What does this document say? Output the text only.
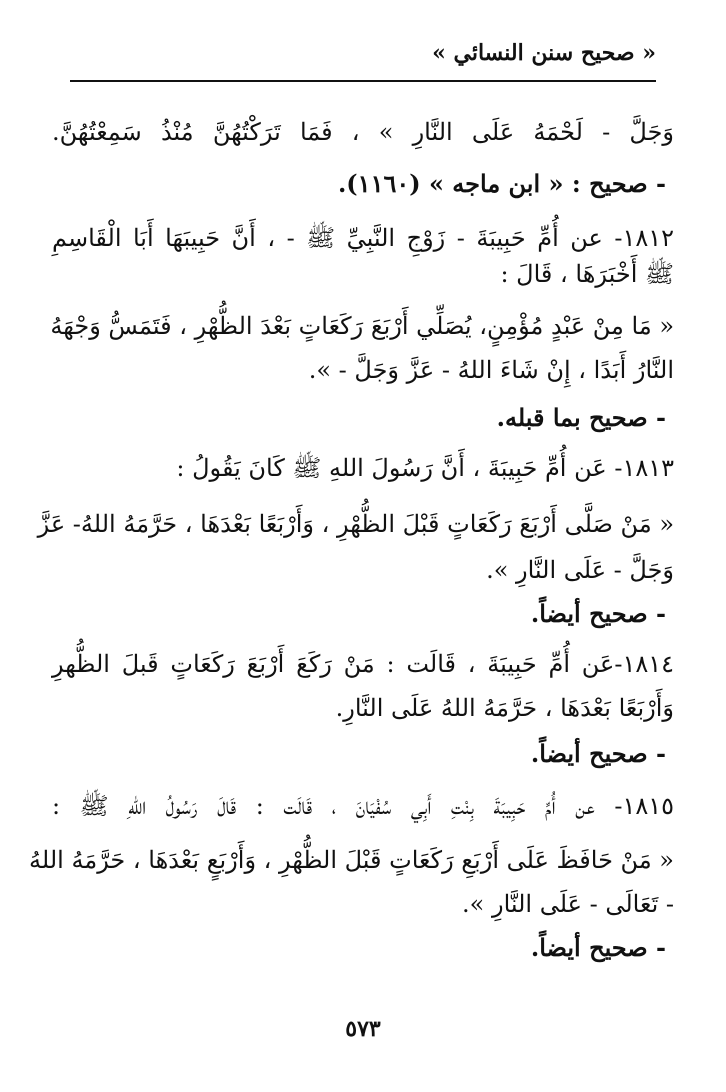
« صحيح سنن النسائي »
وَجَلَّ - لَحْمَهُ عَلَى النَّارِ » ، فَمَا تَرَكْتُهُنَّ مُنْذُ سَمِعْتُهُنَّ.
- صحيح : « ابن ماجه » (١١٦٠).
١٨١٢- عن أُمِّ حَبِيبَةَ - زَوْجِ النَّبِيِّ ﷺ - ، أَنَّ حَبِيبَهَا أَبَا الْقَاسِمِ
ﷺ أَخْبَرَهَا ، قَالَ :
« مَا مِنْ عَبْدٍ مُؤْمِنٍ، يُصَلِّي أَرْبَعَ رَكَعَاتٍ بَعْدَ الظُّهْرِ ، فَتَمَسُّ وَجْهَهُ
النَّارُ أَبَدًا ، إِنْ شَاءَ اللهُ - عَزَّ وَجَلَّ - ».
- صحيح بما قبله.
١٨١٣- عَن أُمِّ حَبِيبَةَ ، أَنَّ رَسُولَ اللهِ ﷺ كَانَ يَقُولُ :
« مَنْ صَلَّى أَرْبَعَ رَكَعَاتٍ قَبْلَ الظُّهْرِ ، وَأَرْبَعًا بَعْدَهَا ، حَرَّمَهُ اللهُ- عَزَّ
وَجَلَّ - عَلَى النَّارِ ».
- صحيح أيضاً.
١٨١٤-عَن أُمِّ حَبِيبَةَ ، قَالَت : مَنْ رَكَعَ أَرْبَعَ رَكَعَاتٍ قَبلَ الظُّهرِ
وَأَرْبَعًا بَعْدَهَا ، حَرَّمَهُ اللهُ عَلَى النَّارِ.
- صحيح أيضاً.
١٨١٥- عن أُمِّ حَبِيبَةَ بِنْتِ أَبِي سُفْيَانَ ، قَالَت : قَالَ رَسُولُ اللهِ ﷺ :
« مَنْ حَافَظَ عَلَى أَرْبَعِ رَكَعَاتٍ قَبْلَ الظُّهْرِ ، وَأَرْبَعٍ بَعْدَهَا ، حَرَّمَهُ اللهُ
- تَعَالَى - عَلَى النَّارِ ».
- صحيح أيضاً.
٥٧٣
